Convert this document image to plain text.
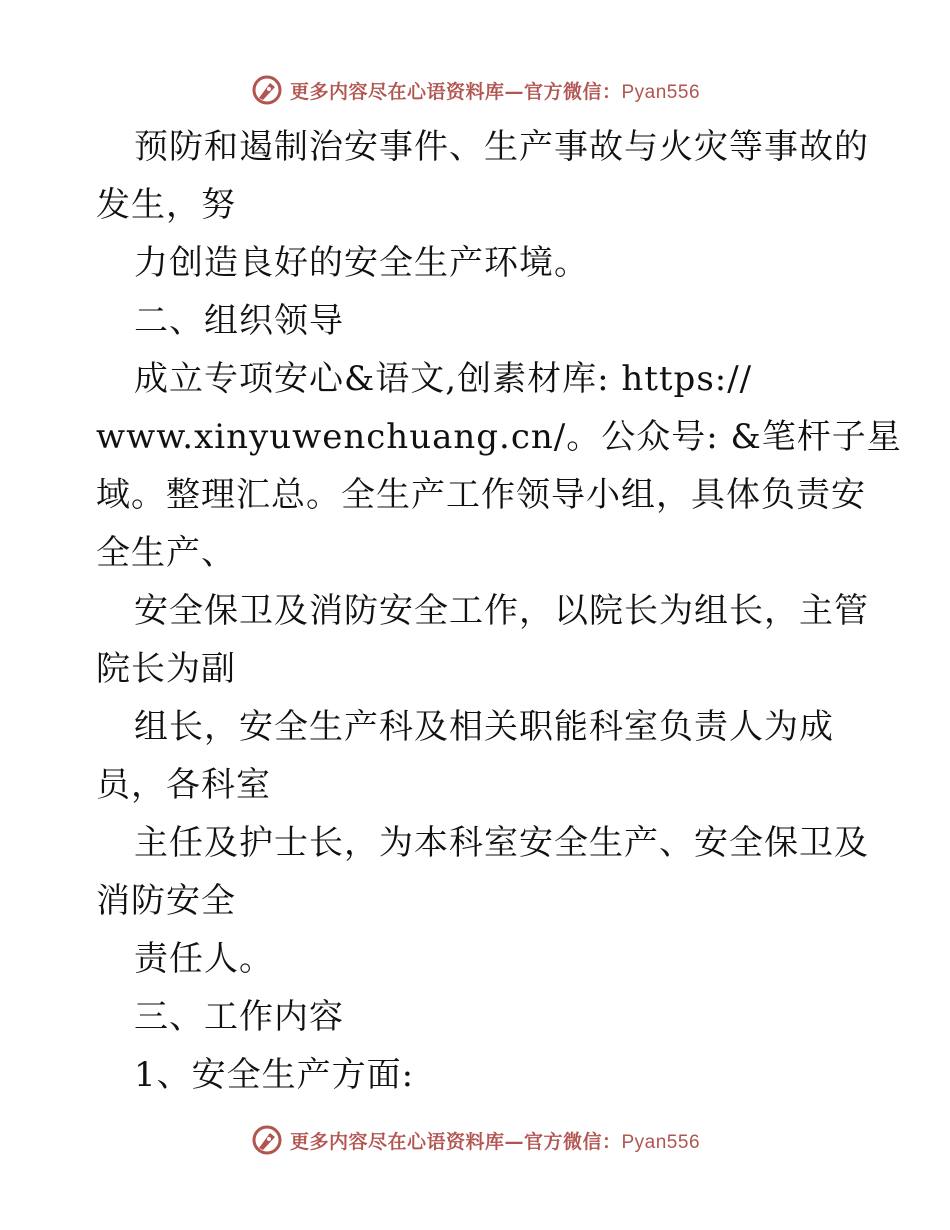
更多内容尽在心语资料库—官方微信：Pyan556
预防和遏制治安事件、生产事故与火灾等事故的
发生，努
力创造良好的安全生产环境。
二、组织领导
成立专项安心&语文,创素材库: https://
www.xinyuwenchuang.cn/。公众号: &笔杆子星
域。整理汇总。全生产工作领导小组，具体负责安
全生产、
安全保卫及消防安全工作，以院长为组长，主管
院长为副
组长，安全生产科及相关职能科室负责人为成
员，各科室
主任及护士长，为本科室安全生产、安全保卫及
消防安全
责任人。
三、工作内容
1、安全生产方面:
更多内容尽在心语资料库—官方微信：Pyan556
